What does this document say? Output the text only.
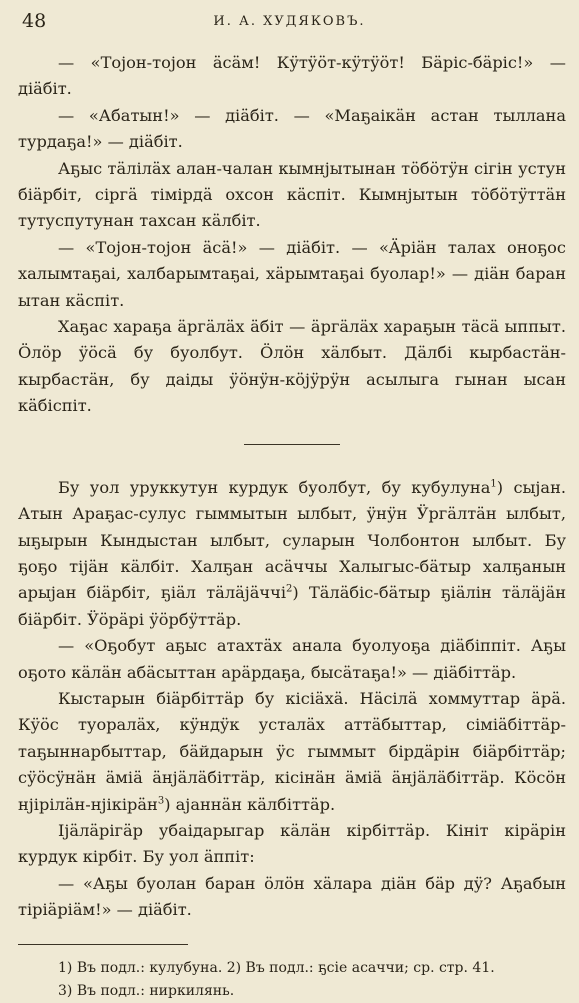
48	И. А. ХУДЯКОВЪ.

— «Тојон-тојон äсäм! Кӱтӱöт-кӱтӱöт! Бäріс-бäріс!» — дiäбiт.

— «Абатын!» — дiäбiт. — «Маҕаiкäн астан тыллана турдаҕа!» — дiäбiт.

Аҕыс тäлiлäх алан-чалан кымнјытынан тöбöтӱн сiгiн устун бiäрбiт, сiргä тiмiрдä охсон кäспiт. Кымнјытын тöбöтӱттäн тутуспутунан тахсан кäлбiт.

— «Тојон-тојон äсä!» — дiäбiт. — «Äрiäн талах оноҕос халымтаҕаi, халбарымтаҕаi, хäрымтаҕаi буолар!» — дiäн баран ытан кäспiт.

Хаҕас хараҕа äргäлäх äбiт — äргäлäх хараҕын тäсä ыппыт. Öлöр ӱöсä бу буолбут. Öлöн хäлбыт. Дäлбi кырбастäн-кырбастäн, бу даiды ӱöнӱн-кöјӱрӱн асылыга гынан ысан кäбiспiт.

Бу уол уруккутун курдук буолбут, бу кубулуна$^1$) сыјан. Атын Араҕас-сулус гыммытын ылбыт, ӱнӱн Ӱргäлтäн ылбыт, ыҕырын Кындыстан ылбыт, суларын Чолбонтон ылбыт. Бу ҕоҕо тiјäн кäлбiт. Халҕан асäччы Халыгыс-бäтыр халҕанын арыјан бiäрбiт, ҕiäл тäлäјäччi$^2$) Тäлäбiс-бäтыр ҕiäлiн тäлäјäн бiäрбiт. Ӱöрäрi ӱöрбӱттäр.

— «Оҕобут аҕыс атахтäх анала буолуоҕа дiäбiппiт. Аҕы оҕото кäлäн абäсыттан арäрдаҕа, бысäтаҕа!» — дiäбiттäр.

Кыстарын бiäрбiттäр бу кiсiäхä. Нäсiлä хоммуттар äрä. Кӱöс туоралäх, кӱндӱк усталäх аттäбыттар, сiмiäбiттäр-таҕыннарбыттар, бäйдарын ӱс гыммыт бiрдäрiн бiäрбiттäр; сӱöсӱнäн äмiä äнјäлäбiттäр, кiсiнäн äмiä äнјäлäбiттäр. Кöсöн нјiрiлäн-нјiкiрäн$^3$) ајаннäн кäлбiттäр.

Iјäлäрiгäр убаiдарыгар кäлäн кiрбiттäр. Кiнiт кiрäрiн курдук кiрбiт. Бу уол äппiт:

— «Аҕы буолан баран öлöн хäлара дiäн бäр дӱ? Аҕабын тiрiäрiäм!» — дiäбiт.

1) Въ подл.: кулубуна. 2) Въ подл.: ҕсiе асаччи; ср. стр. 41.

3) Въ подл.: ниркилянь.
